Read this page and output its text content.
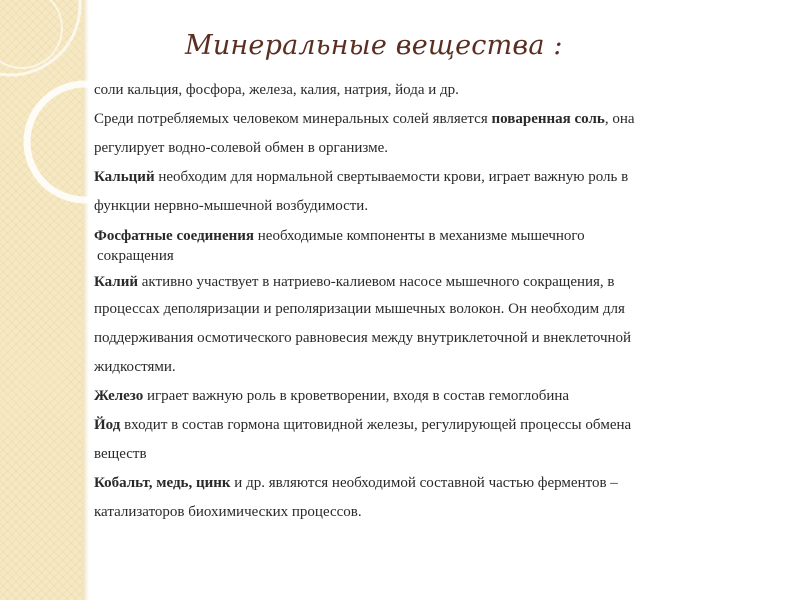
Минеральные вещества :
соли кальция, фосфора, железа, калия, натрия, йода и др.
Среди потребляемых человеком минеральных солей является поваренная соль, она
регулирует водно-солевой обмен в организме.
Кальций необходим для нормальной свертываемости крови, играет важную роль в
функции нервно-мышечной возбудимости.
Фосфатные соединения необходимые компоненты в механизме мышечного
сокращения
Калий активно участвует в натриево-калиевом насосе мышечного сокращения, в
процессах деполяризации и реполяризации мышечных волокон. Он необходим для
поддерживания осмотического равновесия между внутриклеточной и внеклеточной
жидкостями.
Железо играет важную роль в кроветворении, входя в состав гемоглобина
Йод входит в состав гормона щитовидной железы, регулирующей процессы обмена
веществ
Кобальт, медь, цинк и др. являются необходимой составной частью ферментов –
катализаторов биохимических процессов.
